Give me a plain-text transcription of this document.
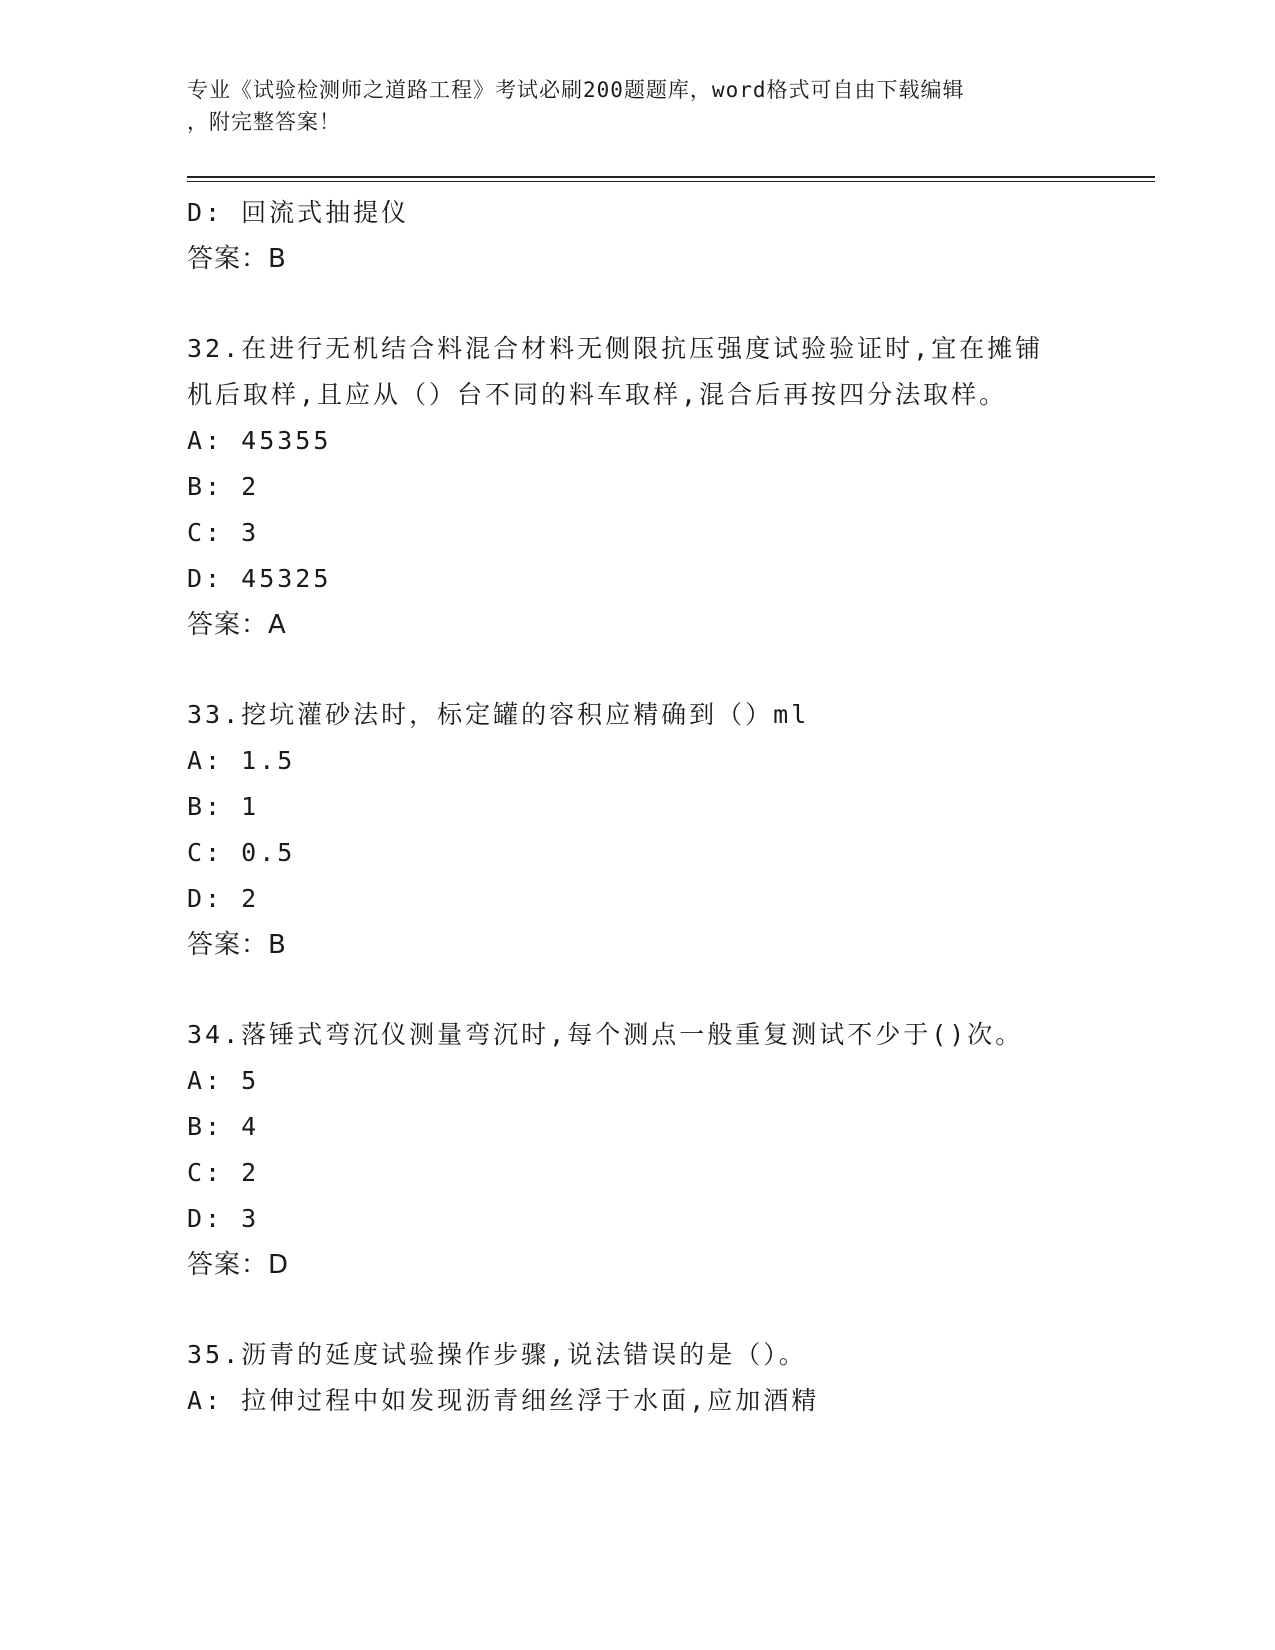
专业《试验检测师之道路工程》考试必刷200题题库，word格式可自由下载编辑
，附完整答案！
D: 回流式抽提仪
答案：B
32.在进行无机结合料混合材料无侧限抗压强度试验验证时,宜在摊铺
机后取样,且应从（）台不同的料车取样,混合后再按四分法取样。
A: 45355
B: 2
C: 3
D: 45325
答案：A
33.挖坑灌砂法时，标定罐的容积应精确到（）ml
A: 1.5
B: 1
C: 0.5
D: 2
答案：B
34.落锤式弯沉仪测量弯沉时,每个测点一般重复测试不少于()次。
A: 5
B: 4
C: 2
D: 3
答案：D
35.沥青的延度试验操作步骤,说法错误的是（）。
A: 拉伸过程中如发现沥青细丝浮于水面,应加酒精
